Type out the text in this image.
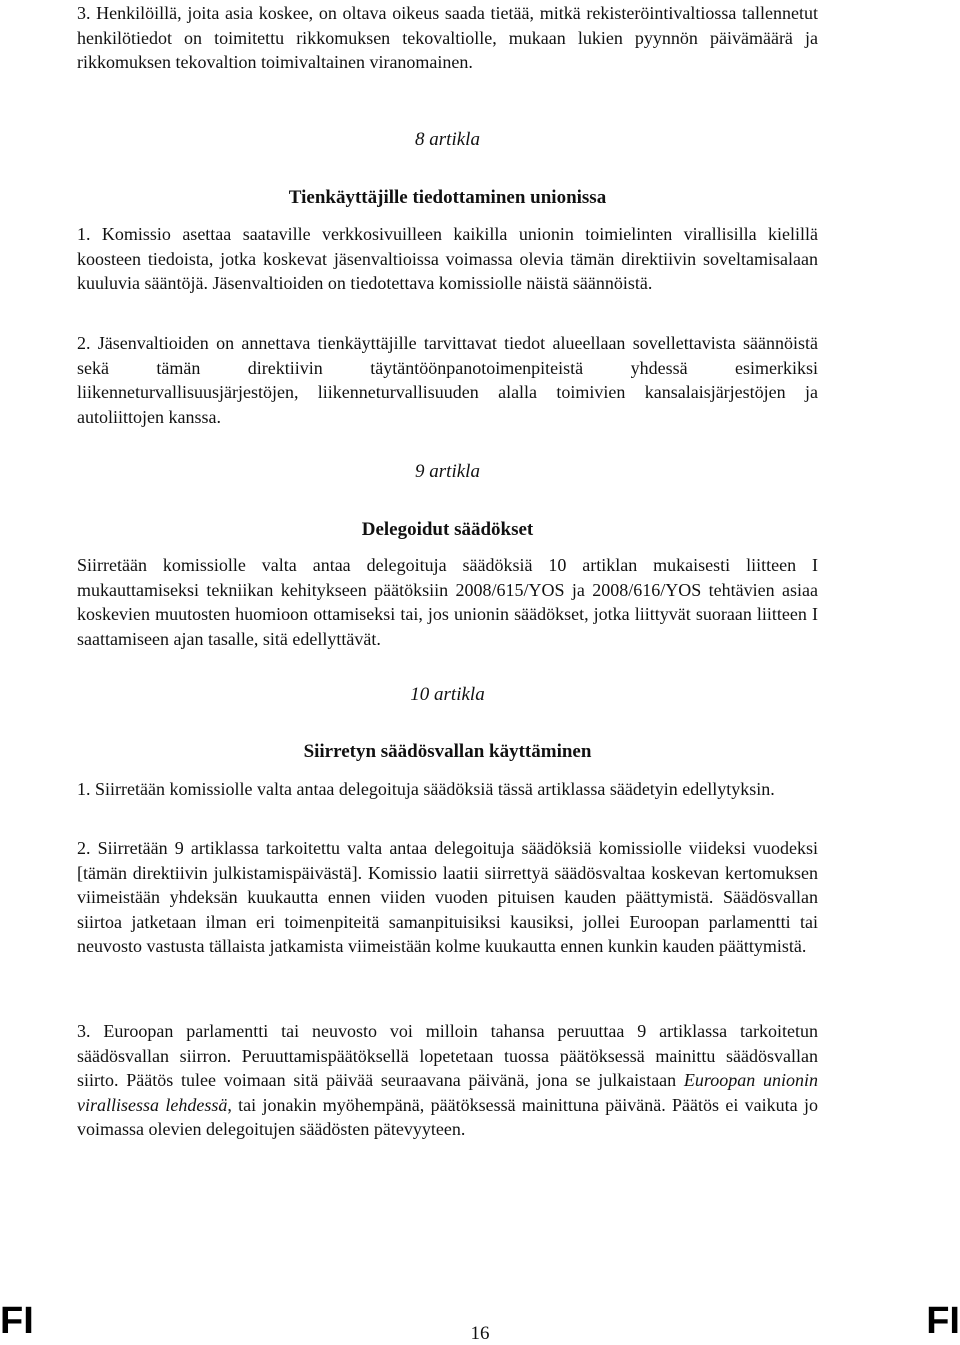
3. Henkilöillä, joita asia koskee, on oltava oikeus saada tietää, mitkä rekisteröintivaltiossa tallennetut henkilötiedot on toimitettu rikkomuksen tekovaltiolle, mukaan lukien pyynnön päivämäärä ja rikkomuksen tekovaltion toimivaltainen viranomainen.

8 artikla

Tienkäyttäjille tiedottaminen unionissa

1. Komissio asettaa saataville verkkosivuilleen kaikilla unionin toimielinten virallisilla kielillä koosteen tiedoista, jotka koskevat jäsenvaltioissa voimassa olevia tämän direktiivin soveltamisalaan kuuluvia sääntöjä. Jäsenvaltioiden on tiedotettava komissiolle näistä säännöistä.

2. Jäsenvaltioiden on annettava tienkäyttäjille tarvittavat tiedot alueellaan sovellettavista säännöistä sekä tämän direktiivin täytäntöönpanotoimenpiteistä yhdessä esimerkiksi liikenneturvallisuusjärjestöjen, liikenneturvallisuuden alalla toimivien kansalaisjärjestöjen ja autoliittojen kanssa.

9 artikla

Delegoidut säädökset

Siirretään komissiolle valta antaa delegoituja säädöksiä 10 artiklan mukaisesti liitteen I mukauttamiseksi tekniikan kehitykseen päätöksiin 2008/615/YOS ja 2008/616/YOS tehtävien asiaa koskevien muutosten huomioon ottamiseksi tai, jos unionin säädökset, jotka liittyvät suoraan liitteen I saattamiseen ajan tasalle, sitä edellyttävät.

10 artikla

Siirretyn säädösvallan käyttäminen

1. Siirretään komissiolle valta antaa delegoituja säädöksiä tässä artiklassa säädetyin edellytyksin.

2. Siirretään 9 artiklassa tarkoitettu valta antaa delegoituja säädöksiä komissiolle viideksi vuodeksi [tämän direktiivin julkistamispäivästä]. Komissio laatii siirrettyä säädösvaltaa koskevan kertomuksen viimeistään yhdeksän kuukautta ennen viiden vuoden pituisen kauden päättymistä. Säädösvallan siirtoa jatketaan ilman eri toimenpiteitä samanpituisiksi kausiksi, jollei Euroopan parlamentti tai neuvosto vastusta tällaista jatkamista viimeistään kolme kuukautta ennen kunkin kauden päättymistä.

3. Euroopan parlamentti tai neuvosto voi milloin tahansa peruuttaa 9 artiklassa tarkoitetun säädösvallan siirron. Peruuttamispäätöksellä lopetetaan tuossa päätöksessä mainittu säädösvallan siirto. Päätös tulee voimaan sitä päivää seuraavana päivänä, jona se julkaistaan Euroopan unionin virallisessa lehdessä, tai jonakin myöhempänä, päätöksessä mainittuna päivänä. Päätös ei vaikuta jo voimassa olevien delegoitujen säädösten pätevyyteen.

FI	16	FI
